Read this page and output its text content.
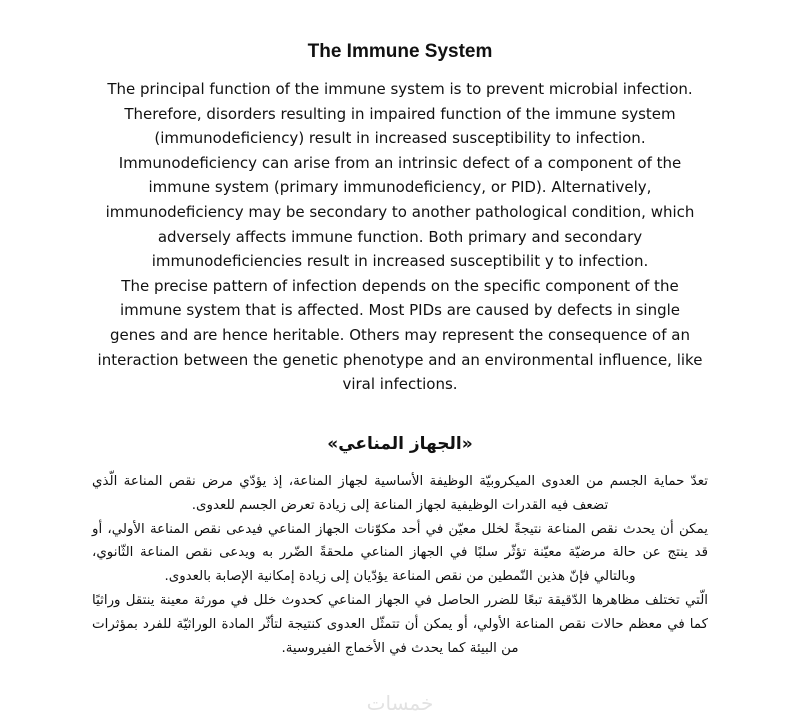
The Immune System

The principal function of the immune system is to prevent microbial infection. Therefore, disorders resulting in impaired function of the immune system (immunodeficiency) result in increased susceptibility to infection. Immunodeficiency can arise from an intrinsic defect of a component of the immune system (primary immunodeficiency, or PID). Alternatively, immunodeficiency may be secondary to another pathological condition, which adversely affects immune function. Both primary and secondary immunodeficiencies result in increased susceptibilit y to infection.

The precise pattern of infection depends on the specific component of the immune system that is affected. Most PIDs are caused by defects in single genes and are hence heritable. Others may represent the consequence of an interaction between the genetic phenotype and an environmental influence, like viral infections.

«الجهاز المناعي»

تعدّ حماية الجسم من العدوى الميكروبيّة الوظيفة الأساسية لجهاز المناعة، إذ يؤدّي مرض نقص المناعة الّذي تضعف فيه القدرات الوظيفية لجهاز المناعة إلى زيادة تعرض الجسم للعدوى.

يمكن أن يحدث نقص المناعة نتيجةً لخلل معيّن في أحد مكوّنات الجهاز المناعي فيدعى نقص المناعة الأولي، أو قد ينتج عن حالة مرضيّة معيّنة تؤثّر سلبًا في الجهاز المناعي ملحقةً الضّرر به ويدعى نقص المناعة الثّانوي، وبالتالي فإنّ هذين النّمطين من نقص المناعة يؤدّيان إلى زيادة إمكانية الإصابة بالعدوى.

الّتي تختلف مظاهرها الدّقيقة تبعًا للضرر الحاصل في الجهاز المناعي كحدوث خلل في مورثة معينة ينتقل وراثيًا كما في معظم حالات نقص المناعة الأولي، أو يمكن أن تتمثّل العدوى كنتيجة لتأثّر المادة الوراثيّة للفرد بمؤثرات من البيئة كما يحدث في الأخماج الفيروسية.

خمسات
